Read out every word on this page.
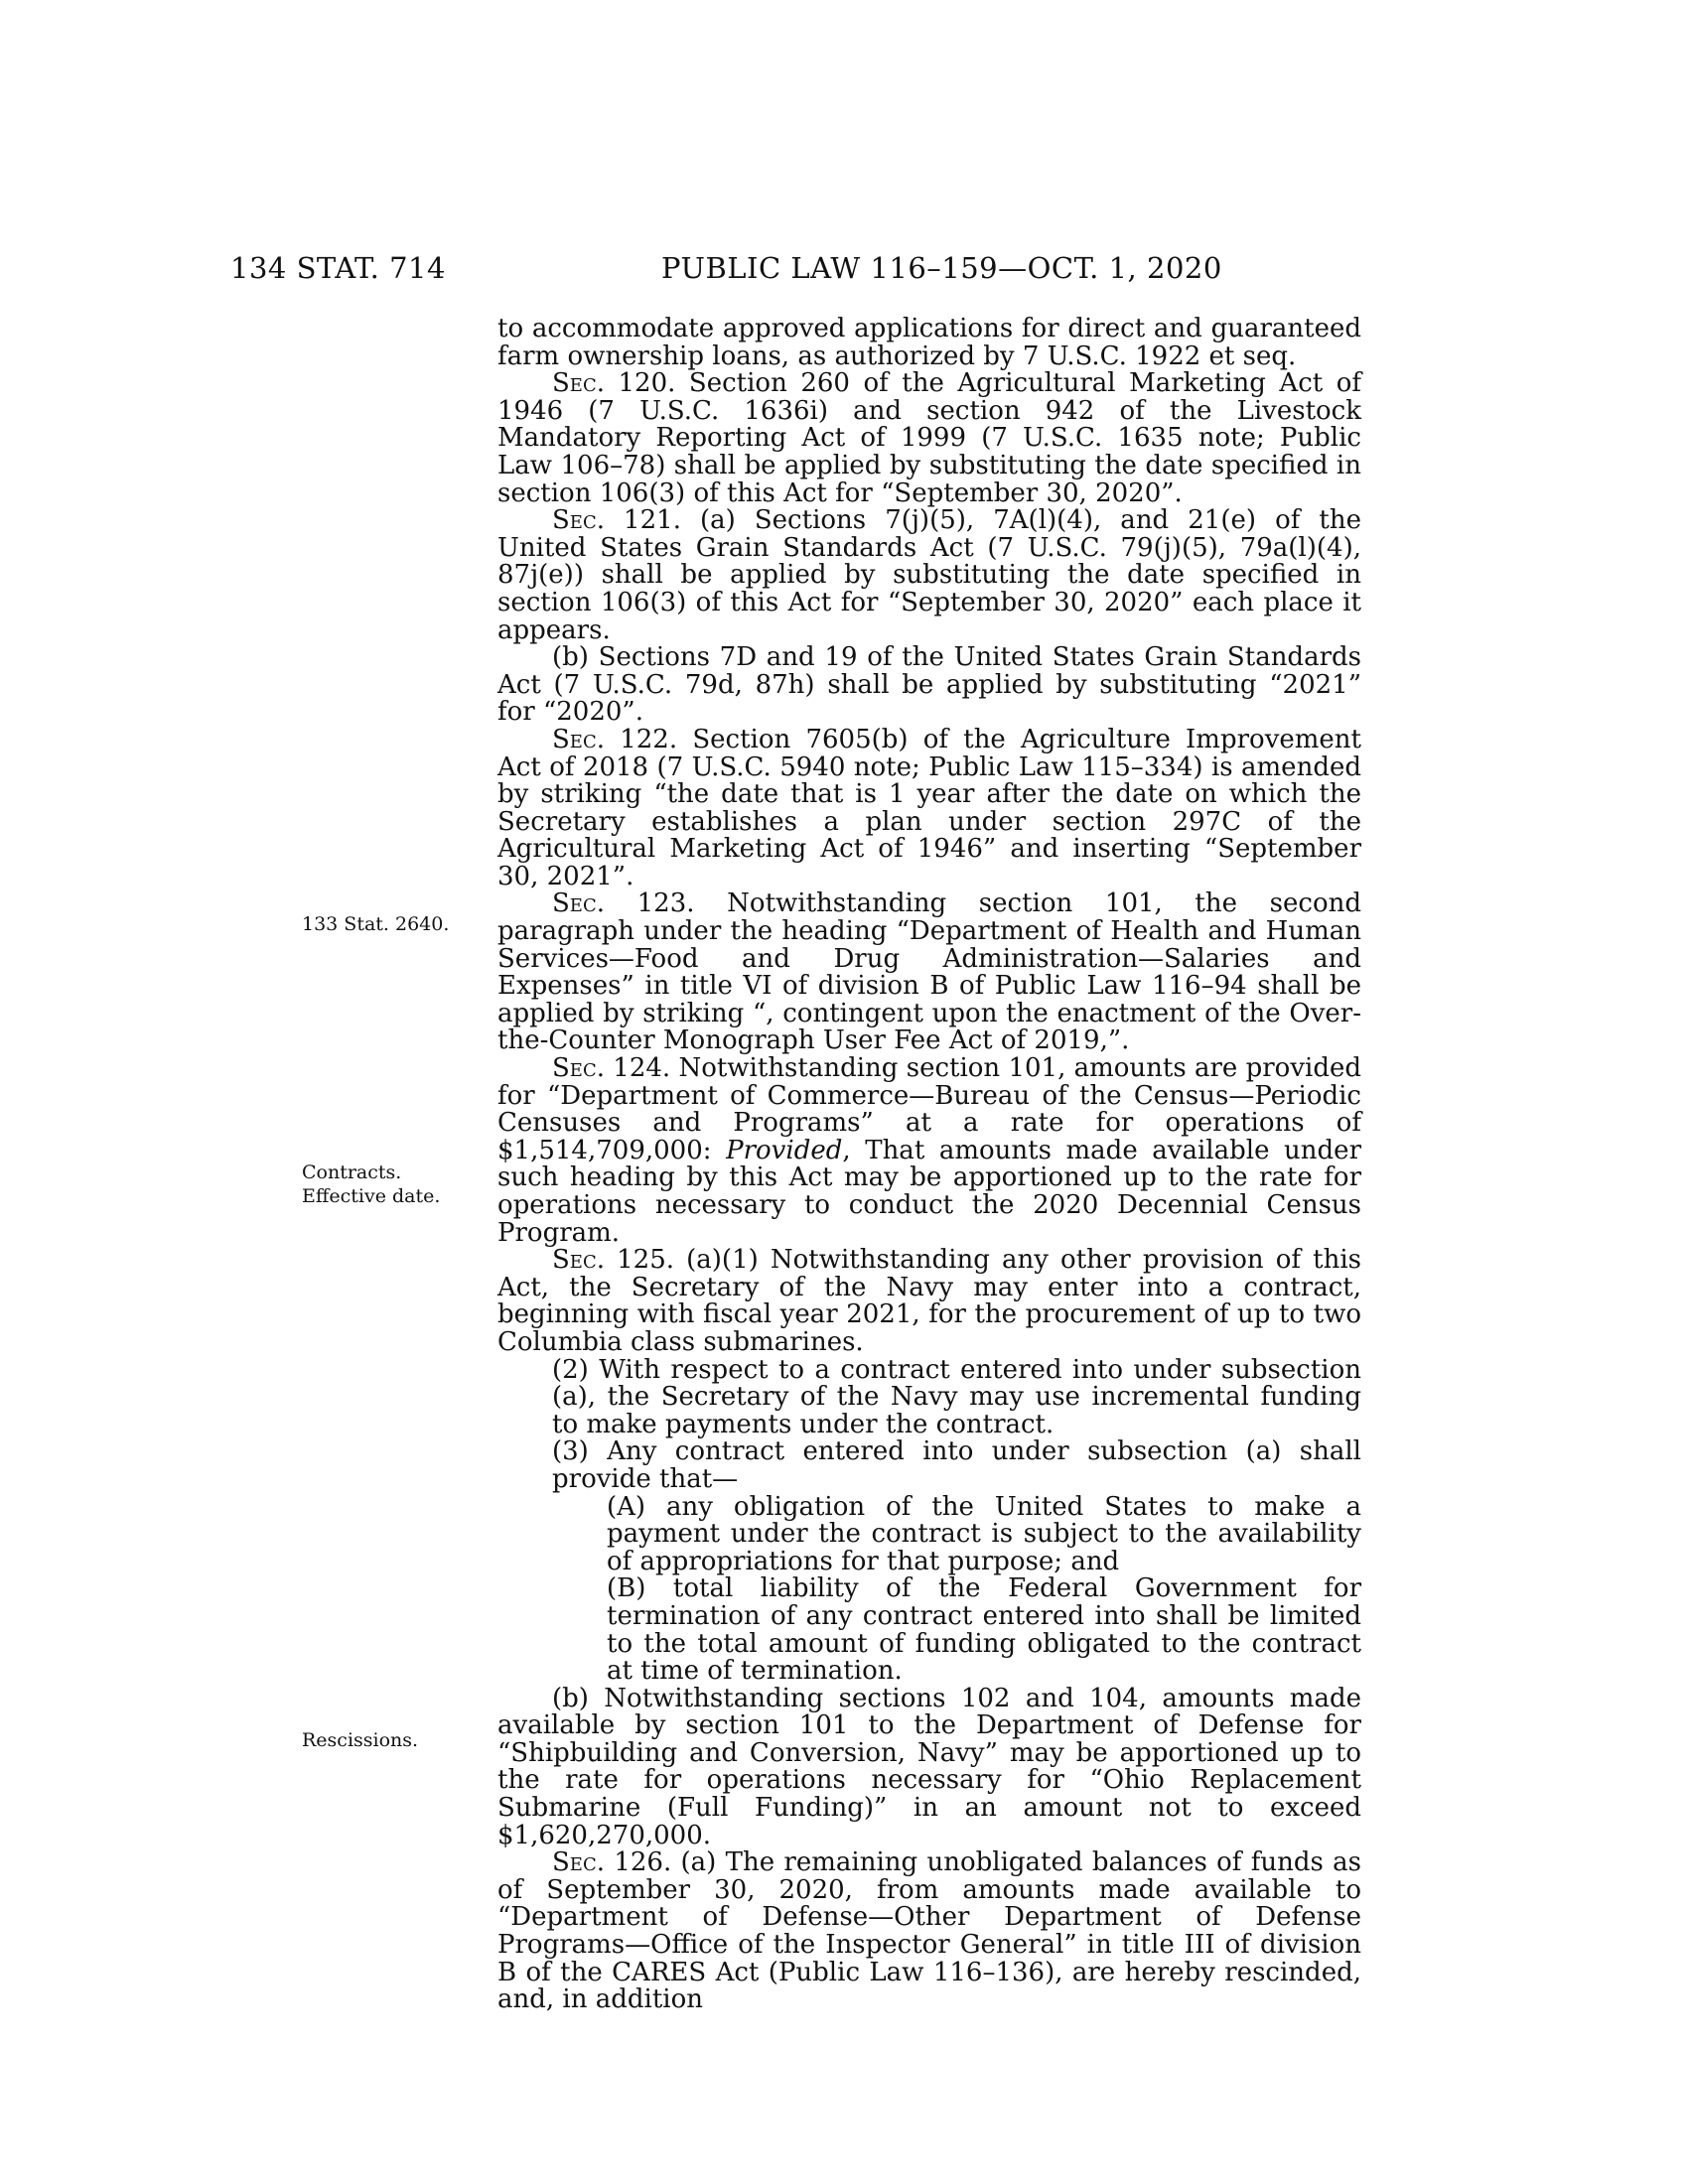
134 STAT. 714	PUBLIC LAW 116–159—OCT. 1, 2020
133 Stat. 2640.
Contracts.
Effective date.
Rescissions.

to accommodate approved applications for direct and guaranteed farm ownership loans, as authorized by 7 U.S.C. 1922 et seq.

Sec. 120. Section 260 of the Agricultural Marketing Act of 1946 (7 U.S.C. 1636i) and section 942 of the Livestock Mandatory Reporting Act of 1999 (7 U.S.C. 1635 note; Public Law 106–78) shall be applied by substituting the date specified in section 106(3) of this Act for “September 30, 2020”.

Sec. 121. (a) Sections 7(j)(5), 7A(l)(4), and 21(e) of the United States Grain Standards Act (7 U.S.C. 79(j)(5), 79a(l)(4), 87j(e)) shall be applied by substituting the date specified in section 106(3) of this Act for “September 30, 2020” each place it appears.

(b) Sections 7D and 19 of the United States Grain Standards Act (7 U.S.C. 79d, 87h) shall be applied by substituting “2021” for “2020”.

Sec. 122. Section 7605(b) of the Agriculture Improvement Act of 2018 (7 U.S.C. 5940 note; Public Law 115–334) is amended by striking “the date that is 1 year after the date on which the Secretary establishes a plan under section 297C of the Agricultural Marketing Act of 1946” and inserting “September 30, 2021”.

Sec. 123. Notwithstanding section 101, the second paragraph under the heading “Department of Health and Human Services—Food and Drug Administration—Salaries and Expenses” in title VI of division B of Public Law 116–94 shall be applied by striking “, contingent upon the enactment of the Over-the-Counter Monograph User Fee Act of 2019,”.

Sec. 124. Notwithstanding section 101, amounts are provided for “Department of Commerce—Bureau of the Census—Periodic Censuses and Programs” at a rate for operations of $1,514,709,000: Provided, That amounts made available under such heading by this Act may be apportioned up to the rate for operations necessary to conduct the 2020 Decennial Census Program.

Sec. 125. (a)(1) Notwithstanding any other provision of this Act, the Secretary of the Navy may enter into a contract, beginning with fiscal year 2021, for the procurement of up to two Columbia class submarines.

(2) With respect to a contract entered into under subsection (a), the Secretary of the Navy may use incremental funding to make payments under the contract.

(3) Any contract entered into under subsection (a) shall provide that—

(A) any obligation of the United States to make a payment under the contract is subject to the availability of appropriations for that purpose; and

(B) total liability of the Federal Government for termination of any contract entered into shall be limited to the total amount of funding obligated to the contract at time of termination.

(b) Notwithstanding sections 102 and 104, amounts made available by section 101 to the Department of Defense for “Shipbuilding and Conversion, Navy” may be apportioned up to the rate for operations necessary for “Ohio Replacement Submarine (Full Funding)” in an amount not to exceed $1,620,270,000.

Sec. 126. (a) The remaining unobligated balances of funds as of September 30, 2020, from amounts made available to “Department of Defense—Other Department of Defense Programs—Office of the Inspector General” in title III of division B of the CARES Act (Public Law 116–136), are hereby rescinded, and, in addition
